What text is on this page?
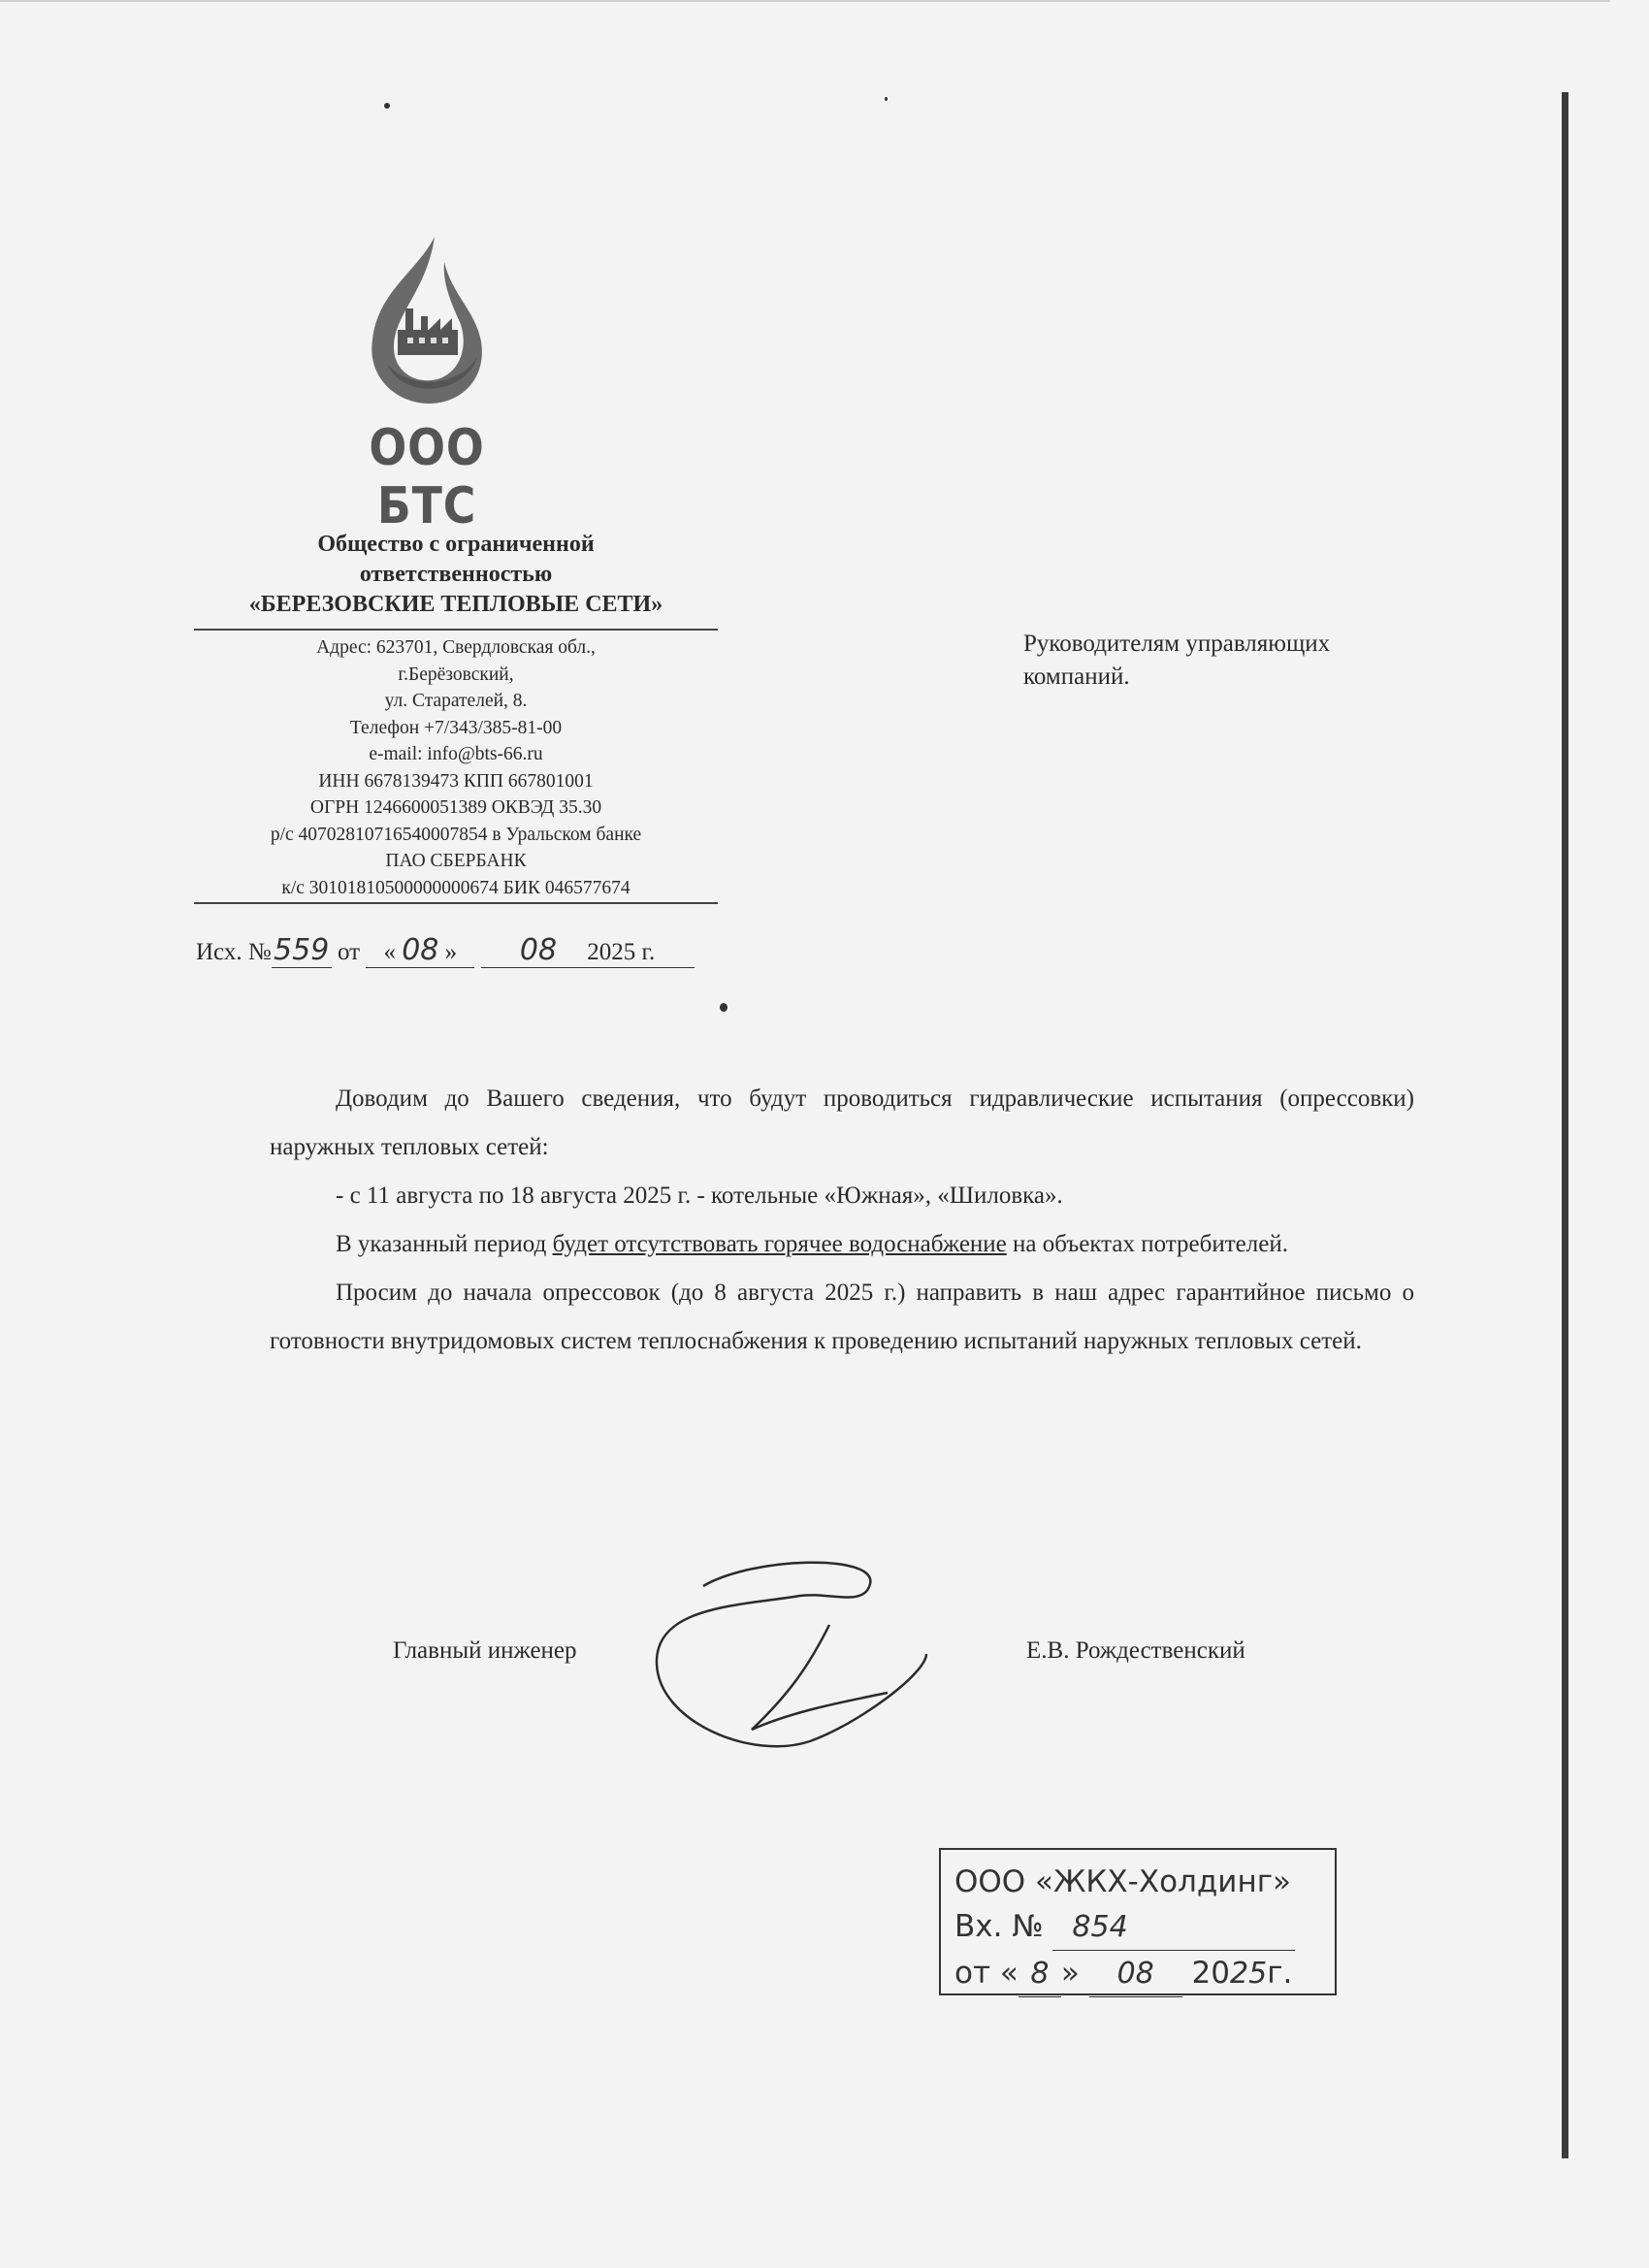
ООО БТС
Общество с ограниченной
ответственностью
«БЕРЕЗОВСКИЕ ТЕПЛОВЫЕ СЕТИ»
Адрес: 623701, Свердловская обл.,
г.Берёзовский,
ул. Старателей, 8.
Телефон +7/343/385-81-00
e-mail: info@bts-66.ru
ИНН 6678139473 КПП 667801001
ОГРН 1246600051389 ОКВЭД 35.30
р/с 40702810716540007854 в Уральском банке
ПАО СБЕРБАНК
к/с 30101810500000000674 БИК 046577674
Исх. №559 от « 08 » 08 2025 г.
Руководителям управляющих
компаний.

Доводим до Вашего сведения, что будут проводиться гидравлические испытания (опрессовки) наружных тепловых сетей:

- с 11 августа по 18 августа 2025 г. - котельные «Южная», «Шиловка».

В указанный период будет отсутствовать горячее водоснабжение на объектах потребителей.

Просим до начала опрессовок (до 8 августа 2025 г.) направить в наш адрес гарантийное письмо о готовности внутридомовых систем теплоснабжения к проведению испытаний наружных тепловых сетей.

Главный инженер	Е.В. Рождественский
ООО «ЖКХ-Холдинг»
Вх. № 854
от « 8 » 08 2025г.
